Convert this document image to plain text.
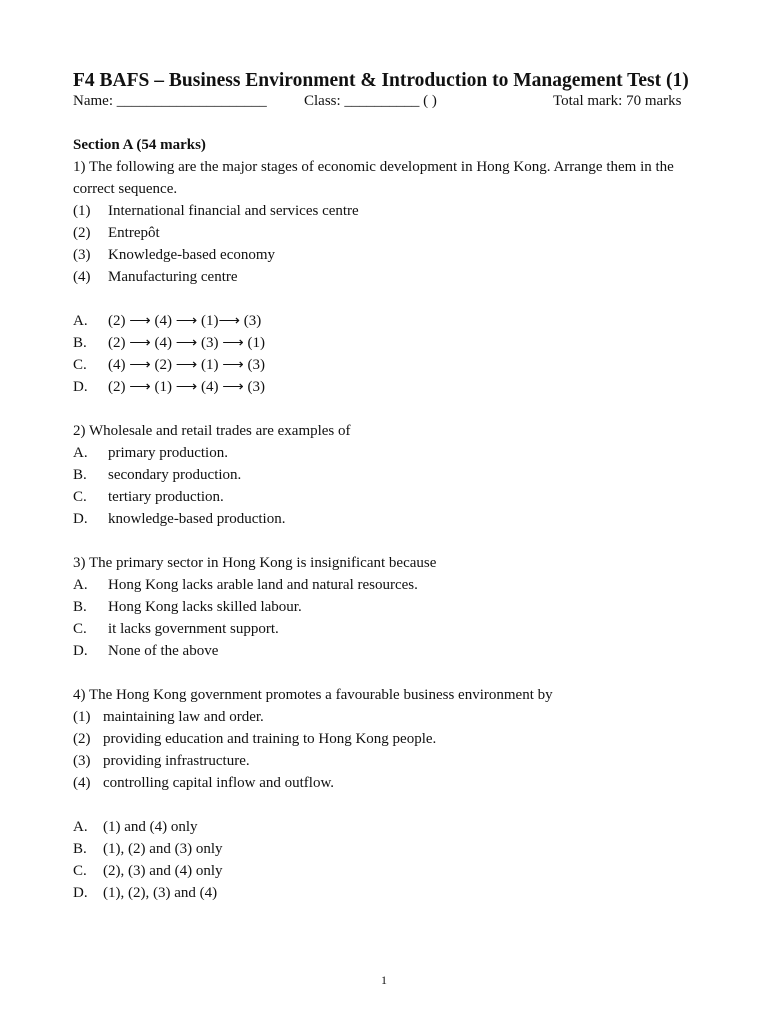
F4 BAFS – Business Environment & Introduction to Management Test (1)
Name: ____________________ Class: __________ ( )	Total mark: 70 marks
Section A (54 marks)
1) The following are the major stages of economic development in Hong Kong. Arrange them in the
correct sequence.
(1) International financial and services centre
(2) Entrepôt
(3) Knowledge-based economy
(4) Manufacturing centre
A. (2) ⟶ (4) ⟶ (1)⟶ (3)
B. (2) ⟶ (4) ⟶ (3) ⟶ (1)
C. (4) ⟶ (2) ⟶ (1) ⟶ (3)
D. (2) ⟶ (1) ⟶ (4) ⟶ (3)
2) Wholesale and retail trades are examples of
A. primary production.
B. secondary production.
C. tertiary production.
D. knowledge-based production.
3) The primary sector in Hong Kong is insignificant because
A. Hong Kong lacks arable land and natural resources.
B. Hong Kong lacks skilled labour.
C. it lacks government support.
D. None of the above
4) The Hong Kong government promotes a favourable business environment by
(1) maintaining law and order.
(2) providing education and training to Hong Kong people.
(3) providing infrastructure.
(4) controlling capital inflow and outflow.
A. (1) and (4) only
B. (1), (2) and (3) only
C. (2), (3) and (4) only
D. (1), (2), (3) and (4)
1
